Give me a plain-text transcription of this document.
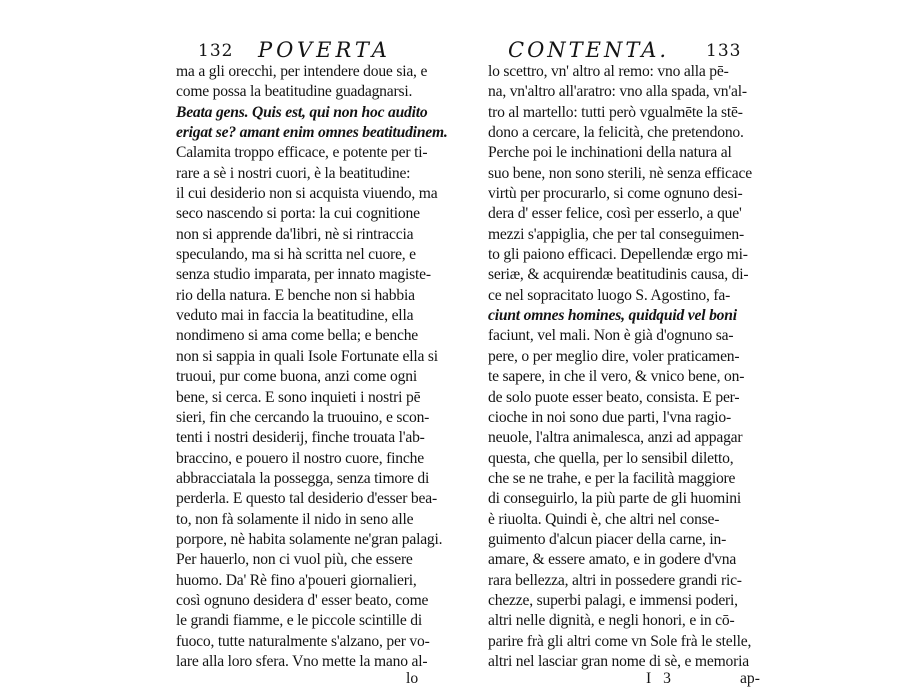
132 POVERTA
ma a gli orecchi, per intendere doue sia, e
come possa la beatitudine guadagnarsi.
Beata gens. Quis est, qui non hoc audito
erigat se? amant enim omnes beatitudinem.
Calamita troppo efficace, e potente per ti-
rare a sè i nostri cuori, è la beatitudine:
il cui desiderio non si acquista viuendo, ma
seco nascendo si porta: la cui cognitione
non si apprende da'libri, nè si rintraccia
speculando, ma si hà scritta nel cuore, e
senza studio imparata, per innato magiste-
rio della natura. E benche non si habbia
veduto mai in faccia la beatitudine, ella
nondimeno si ama come bella; e benche
non si sappia in quali Isole Fortunate ella si
truoui, pur come buona, anzi come ogni
bene, si cerca. E sono inquieti i nostri pē
sieri, fin che cercando la truouino, e scon-
tenti i nostri desiderij, finche trouata l'ab-
braccino, e pouero il nostro cuore, finche
abbracciatala la possegga, senza timore di
perderla. E questo tal desiderio d'esser bea-
to, non fà solamente il nido in seno alle
porpore, nè habita solamente ne'gran palagi.
Per hauerlo, non ci vuol più, che essere
huomo. Da' Rè fino a'poueri giornalieri,
così ognuno desidera d' esser beato, come
le grandi fiamme, e le piccole scintille di
fuoco, tutte naturalmente s'alzano, per vo-
lare alla loro sfera. Vno mette la mano al-
lo
CONTENTA. 133
lo scettro, vn' altro al remo: vno alla pē-
na, vn'altro all'aratro: vno alla spada, vn'al-
tro al martello: tutti però vgualmēte la stē-
dono a cercare, la felicità, che pretendono.
Perche poi le inchinationi della natura al
suo bene, non sono sterili, nè senza efficace
virtù per procurarlo, si come ognuno desi-
dera d' esser felice, così per esserlo, a que'
mezzi s'appiglia, che per tal conseguimen-
to gli paiono efficaci. Depellendæ ergo mi-
seriæ, & acquirendæ beatitudinis causa, di-
ce nel sopracitato luogo S. Agostino, fa-
ciunt omnes homines, quidquid vel boni
faciunt, vel mali. Non è già d'ognuno sa-
pere, o per meglio dire, voler praticamen-
te sapere, in che il vero, & vnico bene, on-
de solo puote esser beato, consista. E per-
cioche in noi sono due parti, l'vna ragio-
neuole, l'altra animalesca, anzi ad appagar
questa, che quella, per lo sensibil diletto,
che se ne trahe, e per la facilità maggiore
di conseguirlo, la più parte de gli huomini
è riuolta. Quindi è, che altri nel conse-
guimento d'alcun piacer della carne, in-
amare, & essere amato, e in godere d'vna
rara bellezza, altri in possedere grandi ric-
chezze, superbi palagi, e immensi poderi,
altri nelle dignità, e negli honori, e in cō-
parire frà gli altri come vn Sole frà le stelle,
altri nel lasciar gran nome di sè, e memoria
I 3	ap-
